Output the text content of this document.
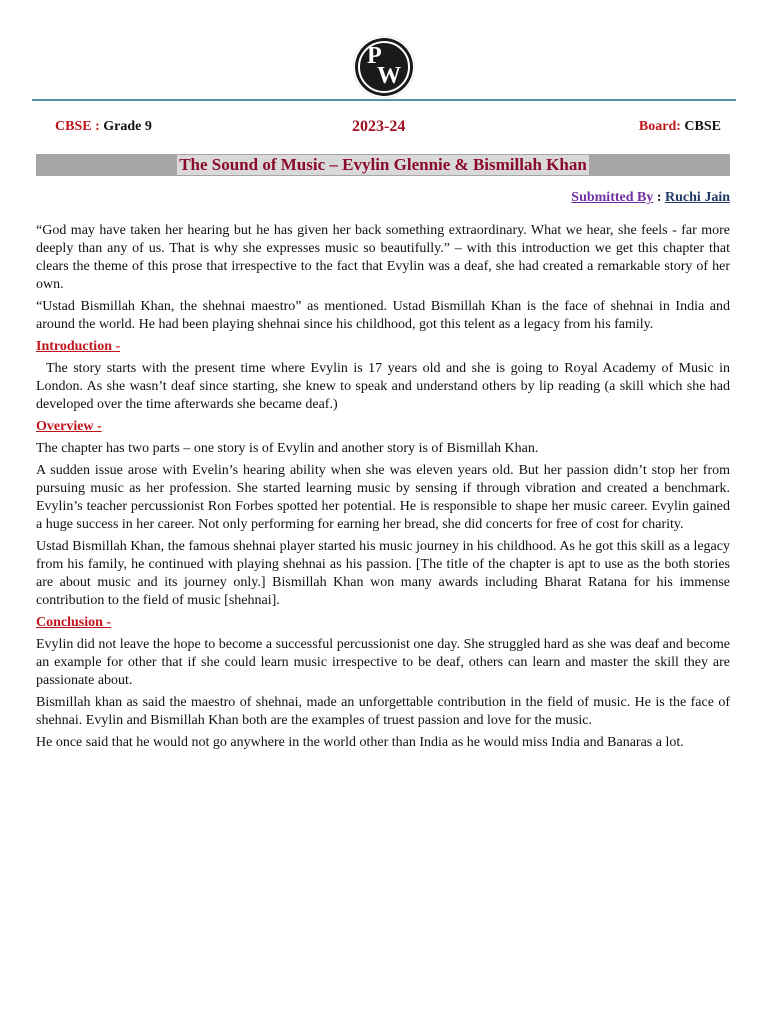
P
W
CBSE : Grade 9	2023-24	Board: CBSE
The Sound of Music – Evylin Glennie & Bismillah Khan
Submitted By : Ruchi Jain

“God may have taken her hearing but he has given her back something extraordinary. What we hear, she feels - far more deeply than any of us. That is why she expresses music so beautifully.” – with this introduction we get this chapter that clears the theme of this prose that irrespective to the fact that Evylin was a deaf, she had created a remarkable story of her own.

“Ustad Bismillah Khan, the shehnai maestro” as mentioned. Ustad Bismillah Khan is the face of shehnai in India and around the world. He had been playing shehnai since his childhood, got this telent as a legacy from his family.

Introduction -

The story starts with the present time where Evylin is 17 years old and she is going to Royal Academy of Music in London. As she wasn’t deaf since starting, she knew to speak and understand others by lip reading (a skill which she had developed over the time afterwards she became deaf.)

Overview -

The chapter has two parts – one story is of Evylin and another story is of Bismillah Khan.

A sudden issue arose with Evelin’s hearing ability when she was eleven years old. But her passion didn’t stop her from pursuing music as her profession. She started learning music by sensing if through vibration and created a benchmark. Evylin’s teacher percussionist Ron Forbes spotted her potential. He is responsible to shape her music career. Evylin gained a huge success in her career. Not only performing for earning her bread, she did concerts for free of cost for charity.

Ustad Bismillah Khan, the famous shehnai player started his music journey in his childhood. As he got this skill as a legacy from his family, he continued with playing shehnai as his passion. [The title of the chapter is apt to use as the both stories are about music and its journey only.] Bismillah Khan won many awards including Bharat Ratana for his immense contribution to the field of music [shehnai].

Conclusion -

Evylin did not leave the hope to become a successful percussionist one day. She struggled hard as she was deaf and become an example for other that if she could learn music irrespective to be deaf, others can learn and master the skill they are passionate about.

Bismillah khan as said the maestro of shehnai, made an unforgettable contribution in the field of music. He is the face of shehnai. Evylin and Bismillah Khan both are the examples of truest passion and love for the music.

He once said that he would not go anywhere in the world other than India as he would miss India and Banaras a lot.
